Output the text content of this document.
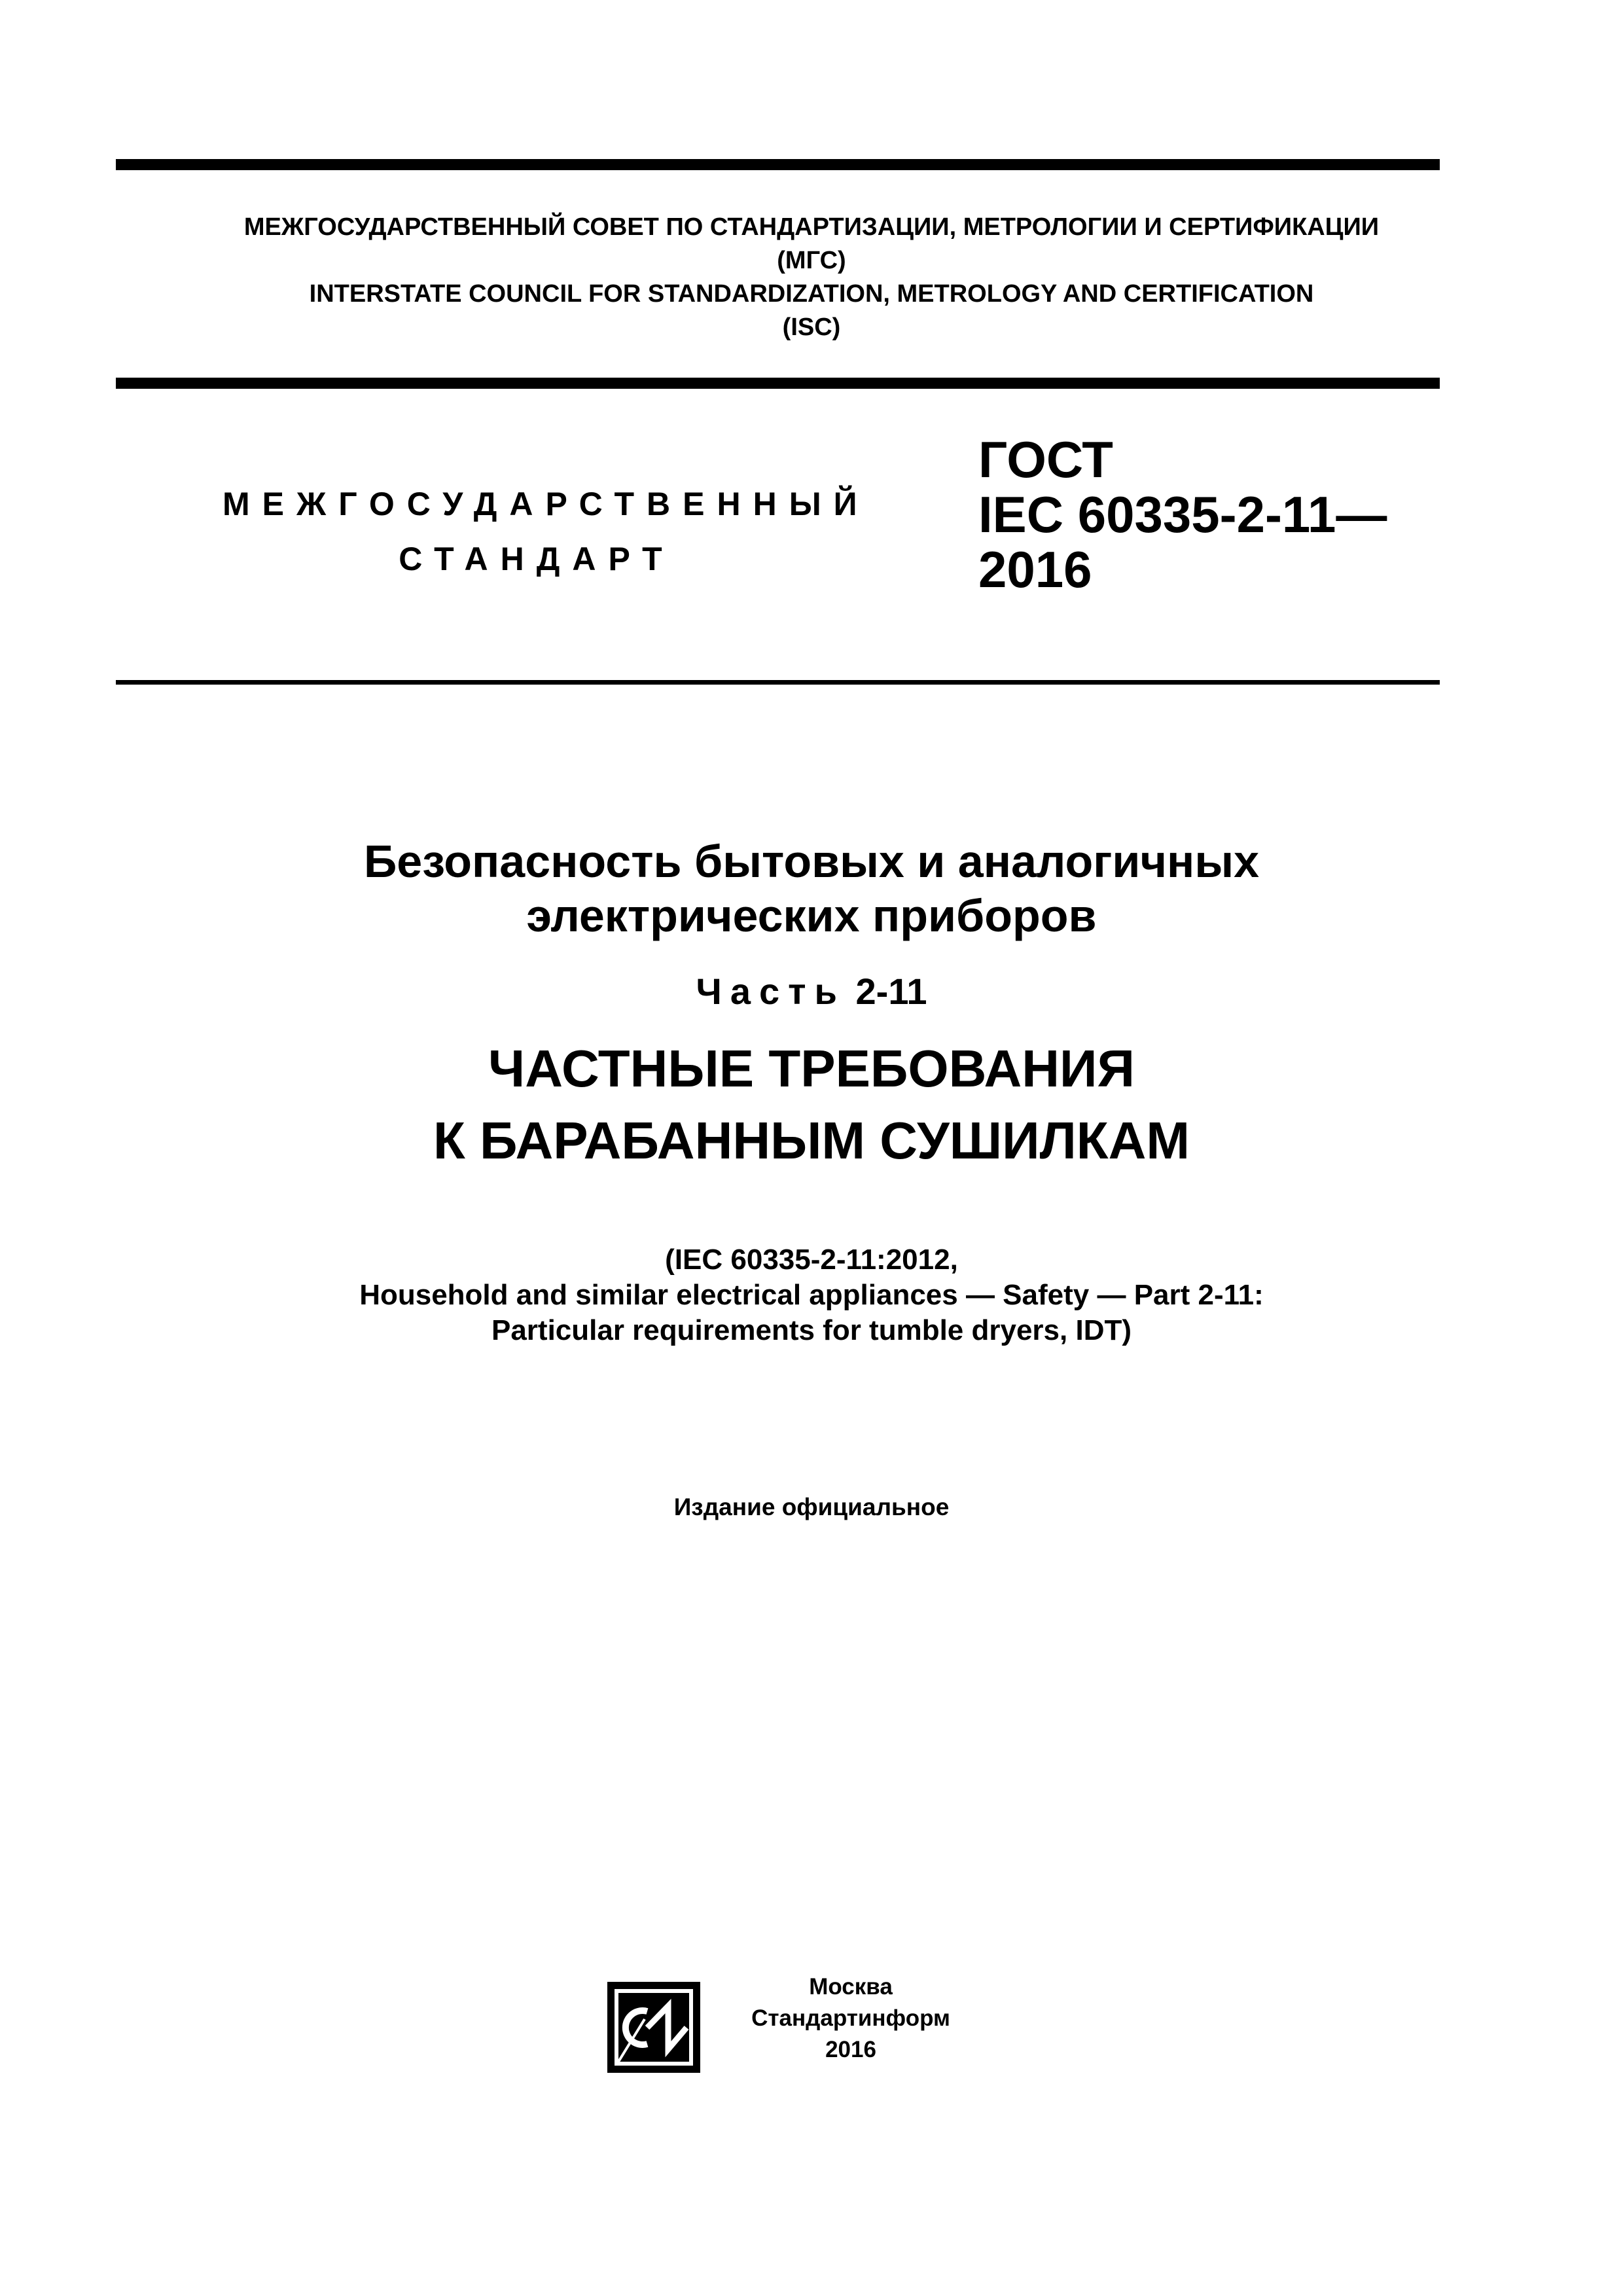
МЕЖГОСУДАРСТВЕННЫЙ СОВЕТ ПО СТАНДАРТИЗАЦИИ, МЕТРОЛОГИИ И СЕРТИФИКАЦИИ
(МГС)
INTERSTATE COUNCIL FOR STANDARDIZATION, METROLOGY AND CERTIFICATION
(ISC)
МЕЖГОСУДАРСТВЕННЫЙ
СТАНДАРТ
ГОСТ
IEC 60335-2-11—
2016
Безопасность бытовых и аналогичных
электрических приборов
Часть 2-11
ЧАСТНЫЕ ТРЕБОВАНИЯ
К БАРАБАННЫМ СУШИЛКАМ
(IEC 60335-2-11:2012,
Household and similar electrical appliances — Safety — Part 2-11:
Particular requirements for tumble dryers, IDT)
Издание официальное
Москва
Стандартинформ
2016
